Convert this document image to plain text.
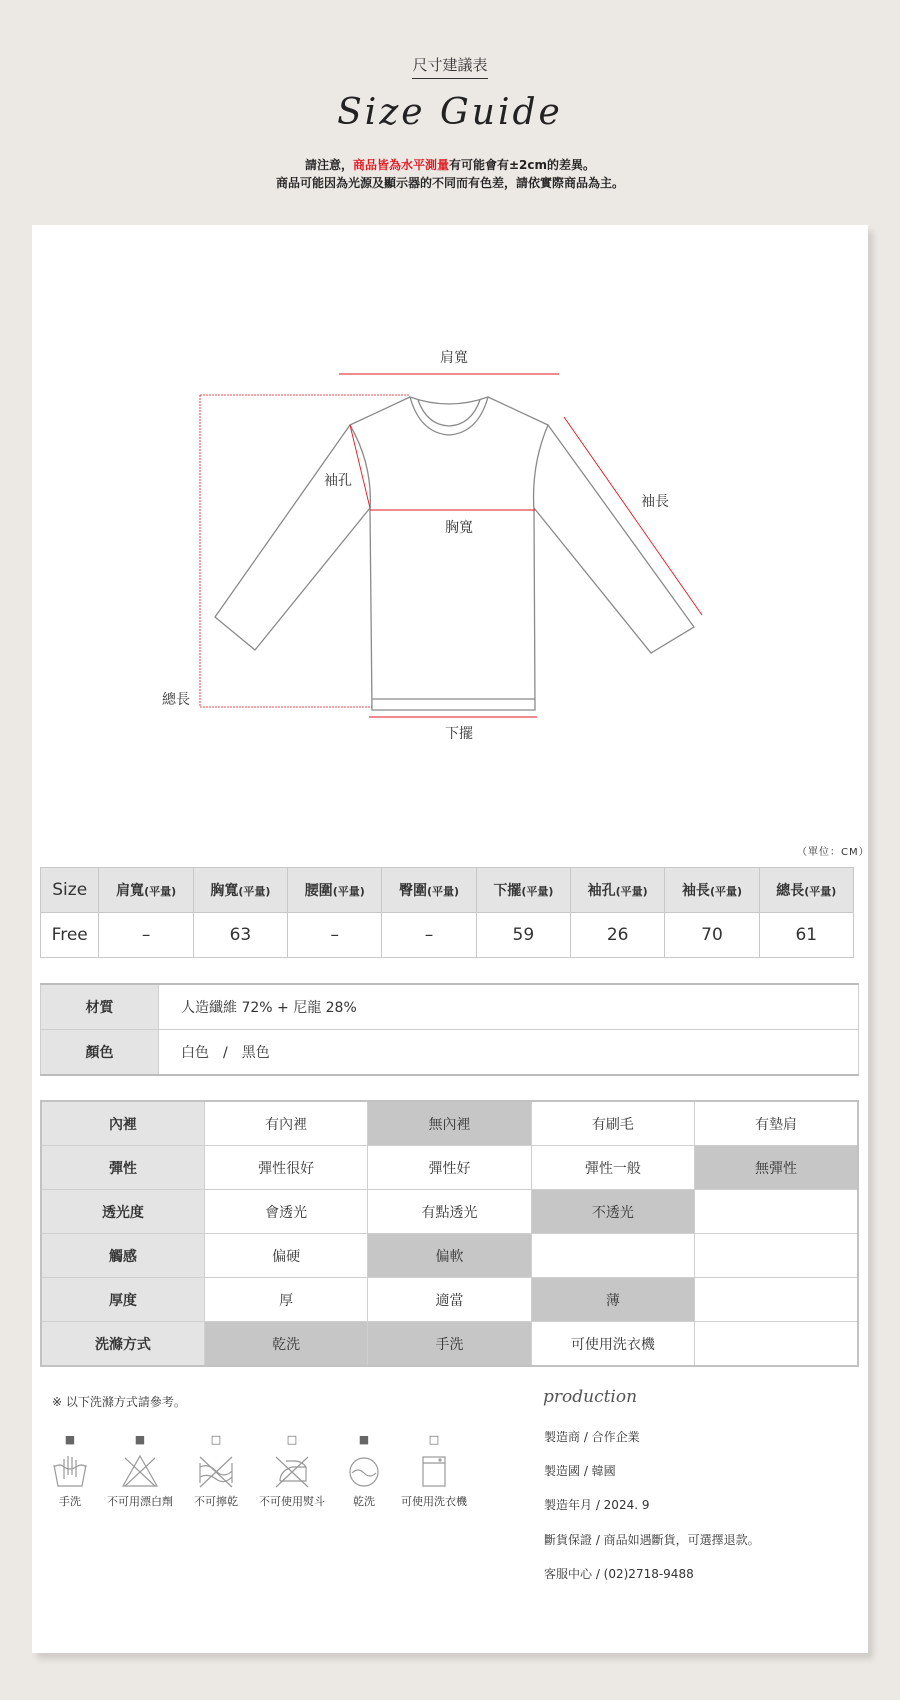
尺寸建議表
Size Guide
請注意，商品皆為水平測量有可能會有±2cm的差異。
商品可能因為光源及顯示器的不同而有色差，請依實際商品為主。
肩寬
袖孔
袖長
胸寬
總長
下擺
（單位：CM）
Size	肩寬(平量)	胸寬(平量)	腰圍(平量)	臀圍(平量)	下擺(平量)	袖孔(平量)	袖長(平量)	總長(平量)
Free	–	63	–	–	59	26	70	61
材質	人造纖維 72% + 尼龍 28%
顏色	白色　/　黑色
內裡	有內裡	無內裡	有刷毛	有墊肩
彈性	彈性很好	彈性好	彈性一般	無彈性
透光度	會透光	有點透光	不透光	
觸感	偏硬	偏軟		
厚度	厚	適當	薄	
洗滌方式	乾洗	手洗	可使用洗衣機	
※ 以下洗滌方式請參考。
■
手洗
■
不可用漂白劑
□
不可擰乾
□
不可使用熨斗
■
乾洗
□
可使用洗衣機
production
製造商 / 合作企業
製造國 / 韓國
製造年月 / 2024. 9
斷貨保證 / 商品如遇斷貨，可選擇退款。
客服中心 / (02)2718-9488
